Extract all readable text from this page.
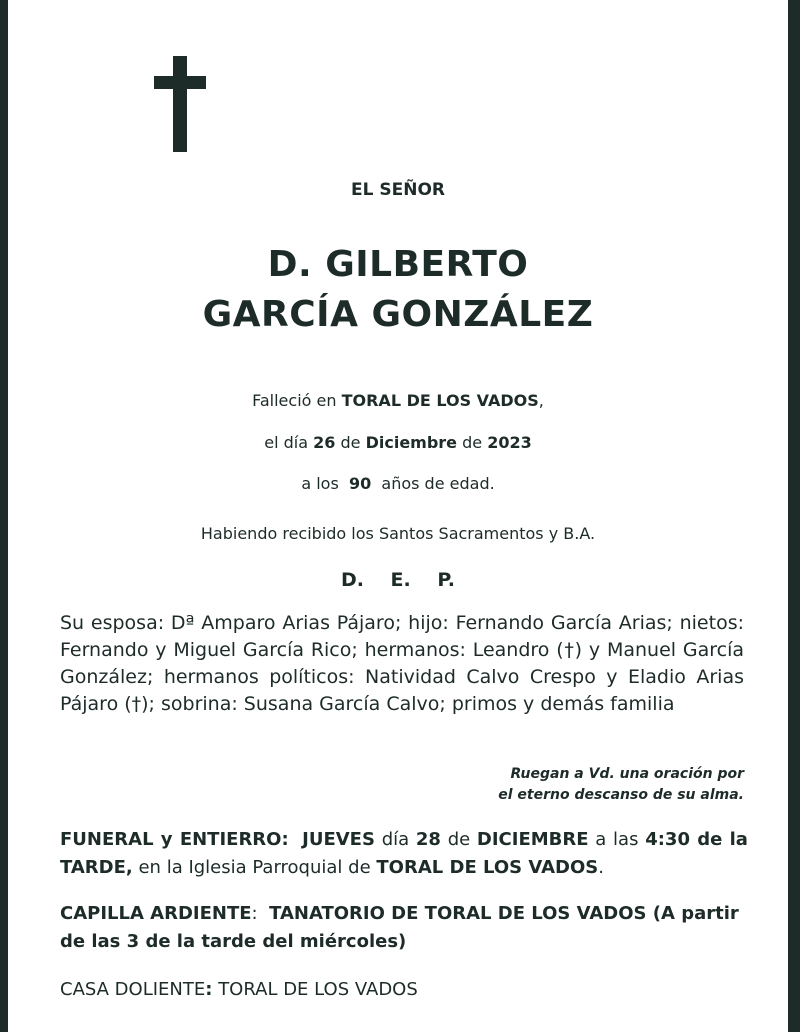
EL SEÑOR
D. GILBERTO
GARCÍA GONZÁLEZ
Falleció en TORAL DE LOS VADOS,
el día 26 de Diciembre de 2023
a los 90 años de edad.
Habiendo recibido los Santos Sacramentos y B.A.
D. E. P.
Su esposa: Dª Amparo Arias Pájaro; hijo: Fernando García Arias; nietos: Fernando y Miguel García Rico; hermanos: Leandro (†) y Manuel García González; hermanos políticos: Natividad Calvo Crespo y Eladio Arias Pájaro (†); sobrina: Susana García Calvo; primos y demás familia
Ruegan a Vd. una oración por
el eterno descanso de su alma.
FUNERAL y ENTIERRO: JUEVES día 28 de DICIEMBRE a las 4:30 de la TARDE, en la Iglesia Parroquial de TORAL DE LOS VADOS.
CAPILLA ARDIENTE: TANATORIO DE TORAL DE LOS VADOS (A partir de las 3 de la tarde del miércoles)
CASA DOLIENTE: TORAL DE LOS VADOS
